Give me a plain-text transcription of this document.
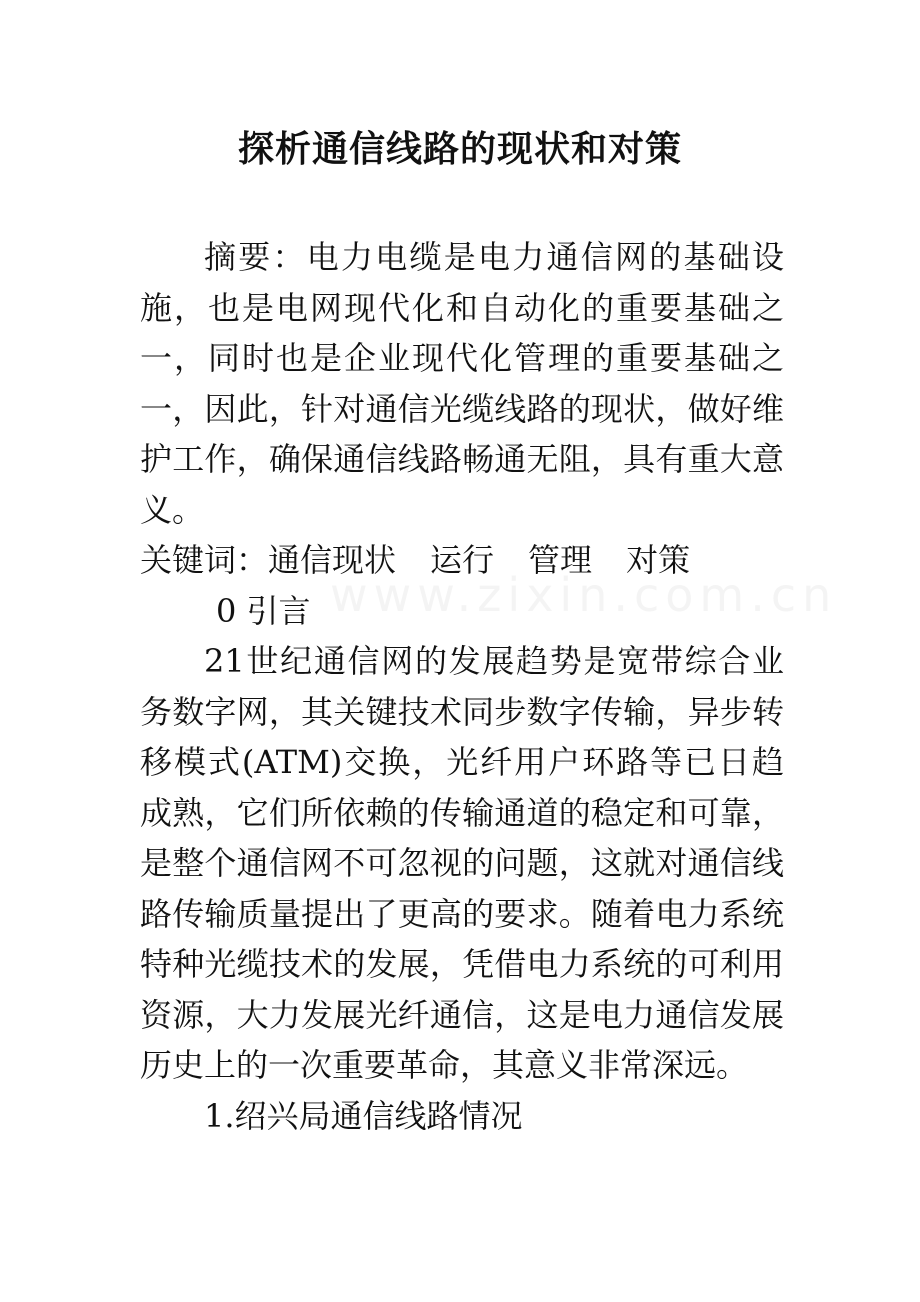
探析通信线路的现状和对策

摘要：电力电缆是电力通信网的基础设施，也是电网现代化和自动化的重要基础之一，同时也是企业现代化管理的重要基础之一，因此，针对通信光缆线路的现状，做好维护工作，确保通信线路畅通无阻，具有重大意义。

关键词：通信现状 运行 管理 对策

0 引言

21世纪通信网的发展趋势是宽带综合业务数字网，其关键技术同步数字传输，异步转移模式(ATM)交换，光纤用户环路等已日趋成熟，它们所依赖的传输通道的稳定和可靠，是整个通信网不可忽视的问题，这就对通信线路传输质量提出了更高的要求。随着电力系统特种光缆技术的发展，凭借电力系统的可利用资源，大力发展光纤通信，这是电力通信发展历史上的一次重要革命，其意义非常深远。

1.绍兴局通信线路情况

www.zixin.com.cn
